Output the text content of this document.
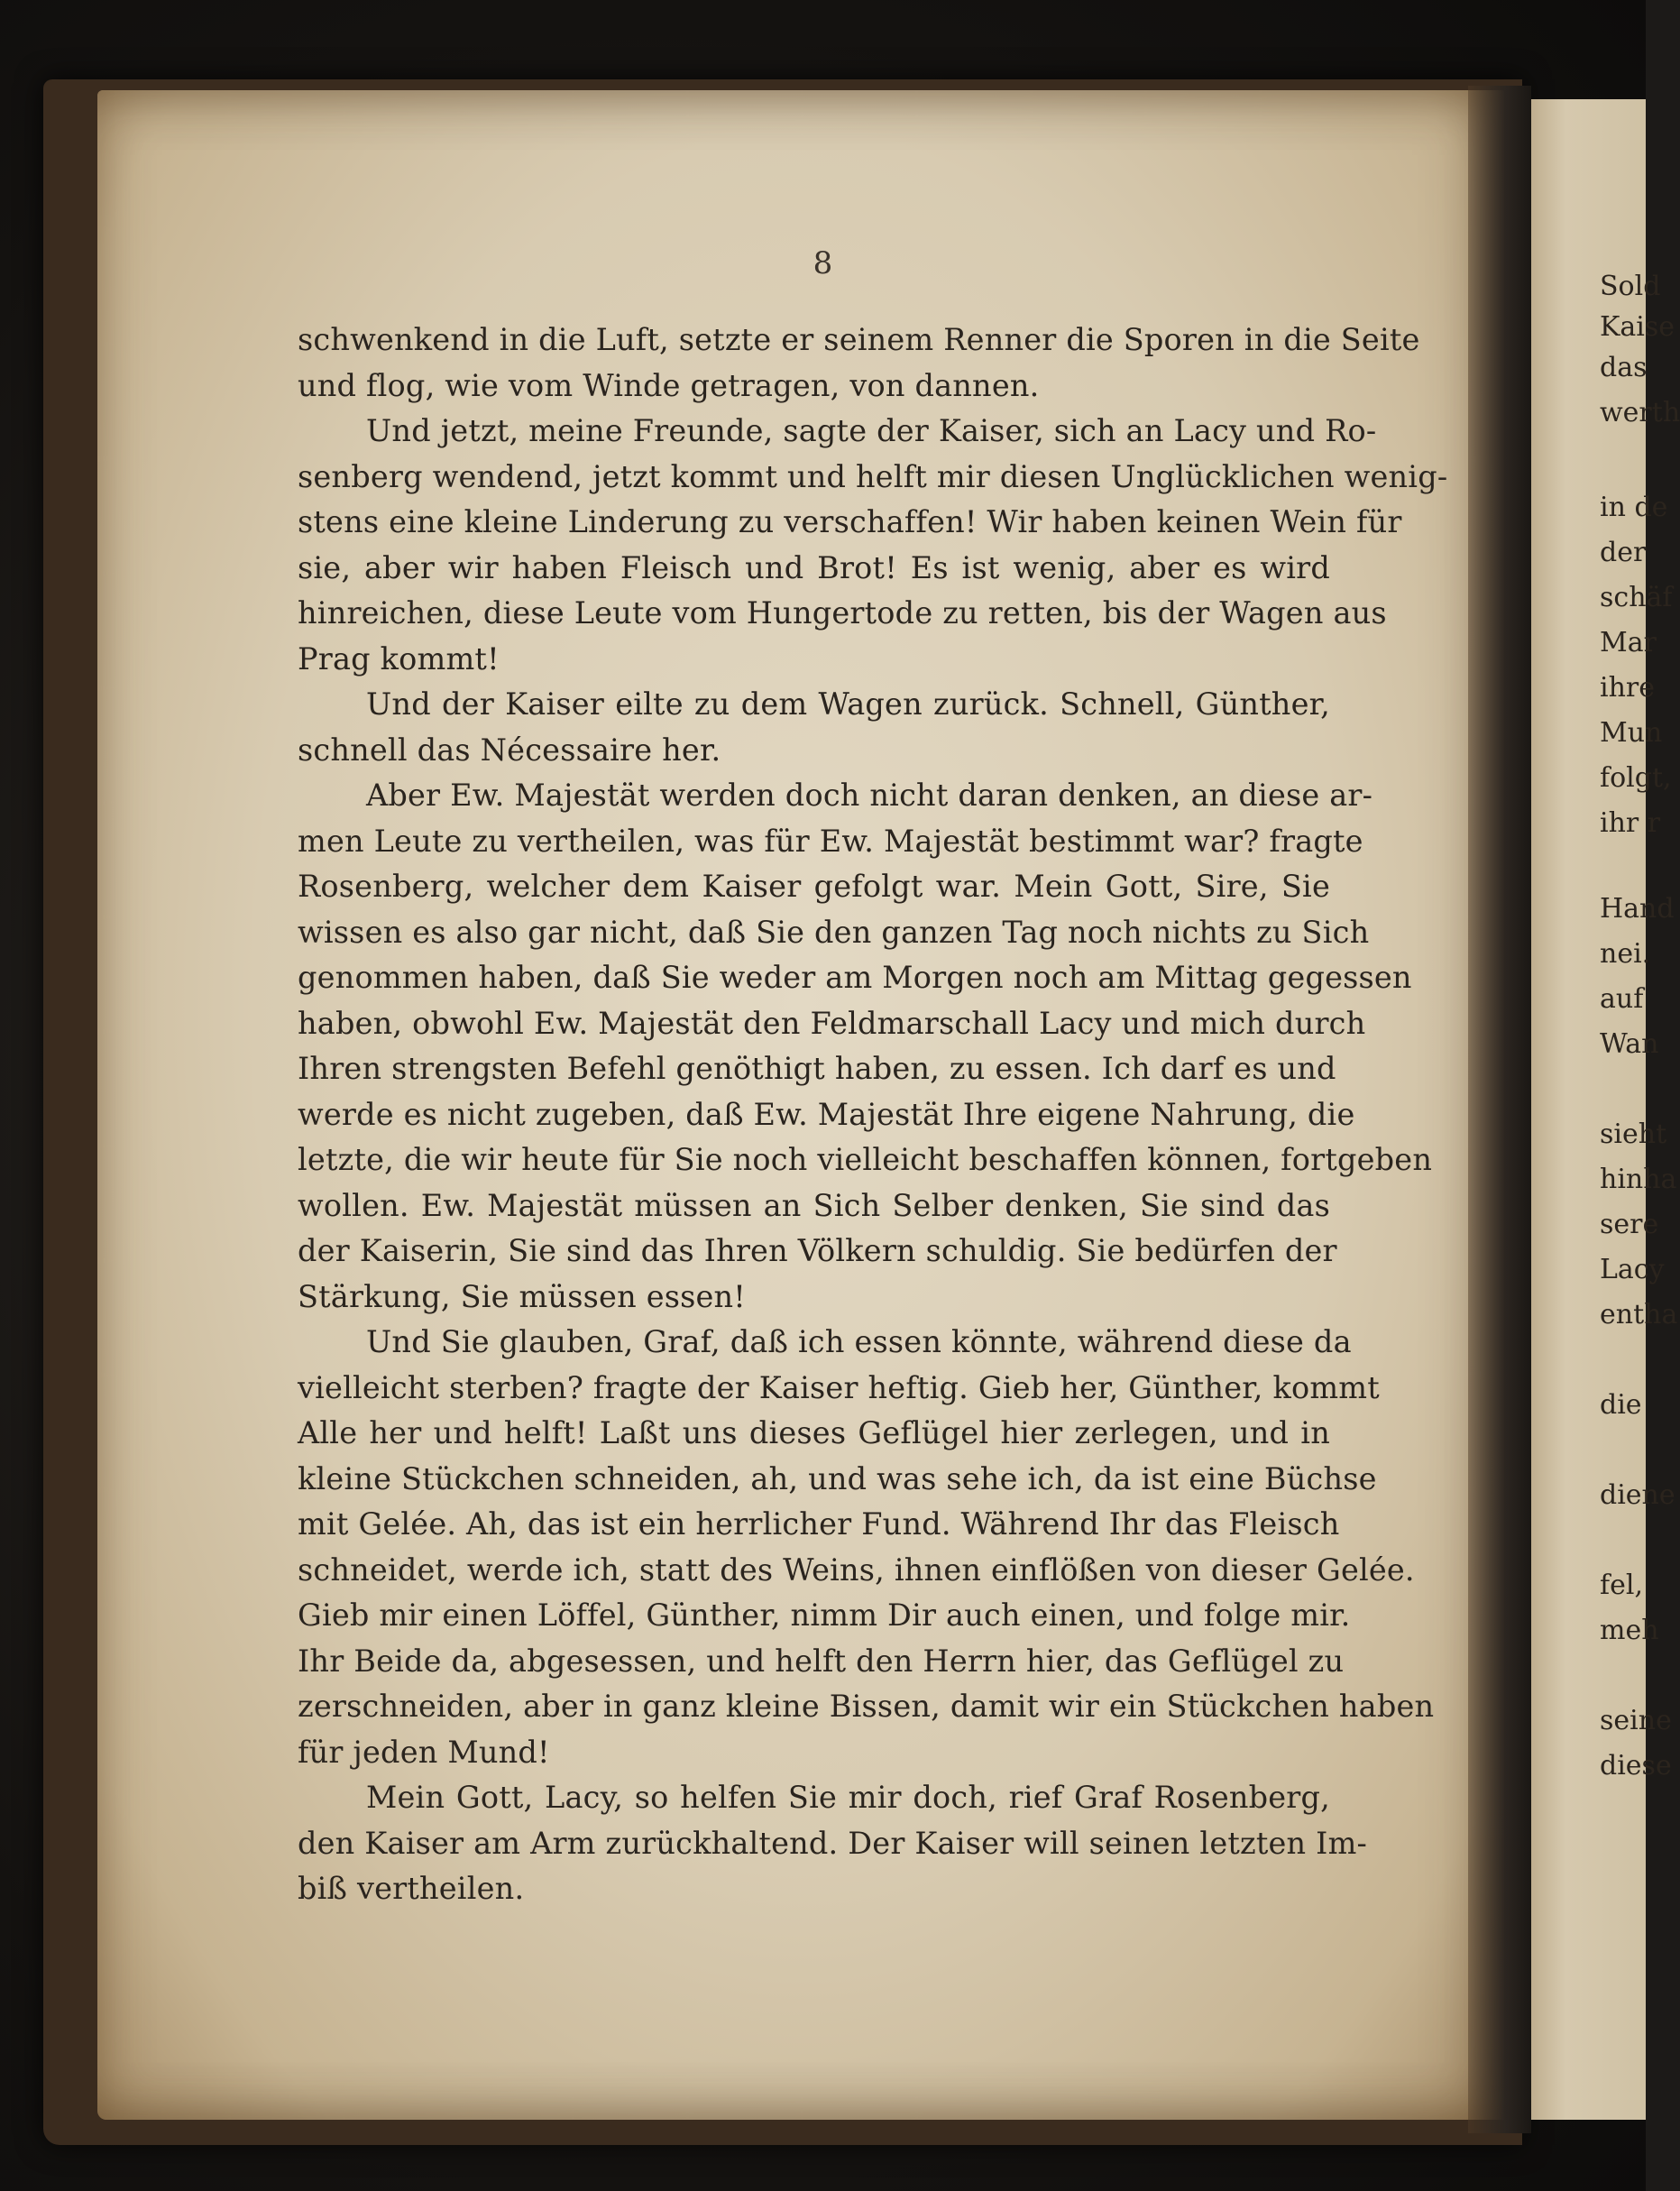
Sold
Kaise
das
werth
in de
der
schäf
Mar
ihre
Mun
folgt,
ihr r
Hand
nei.
auf
Wan
sieht
hinha
sere
Lacy
entha
die
diene
fel,
meh
seine
diese
8
schwenkend in die Luft, setzte er seinem Renner die Sporen in die Seite
und flog, wie vom Winde getragen, von dannen.
Und jetzt, meine Freunde, sagte der Kaiser, sich an Lacy und Ro-
senberg wendend, jetzt kommt und helft mir diesen Unglücklichen wenig-
stens eine kleine Linderung zu verschaffen! Wir haben keinen Wein für
sie, aber wir haben Fleisch und Brot! Es ist wenig, aber es wird
hinreichen, diese Leute vom Hungertode zu retten, bis der Wagen aus
Prag kommt!
Und der Kaiser eilte zu dem Wagen zurück. Schnell, Günther,
schnell das Nécessaire her.
Aber Ew. Majestät werden doch nicht daran denken, an diese ar-
men Leute zu vertheilen, was für Ew. Majestät bestimmt war? fragte
Rosenberg, welcher dem Kaiser gefolgt war. Mein Gott, Sire, Sie
wissen es also gar nicht, daß Sie den ganzen Tag noch nichts zu Sich
genommen haben, daß Sie weder am Morgen noch am Mittag gegessen
haben, obwohl Ew. Majestät den Feldmarschall Lacy und mich durch
Ihren strengsten Befehl genöthigt haben, zu essen. Ich darf es und
werde es nicht zugeben, daß Ew. Majestät Ihre eigene Nahrung, die
letzte, die wir heute für Sie noch vielleicht beschaffen können, fortgeben
wollen. Ew. Majestät müssen an Sich Selber denken, Sie sind das
der Kaiserin, Sie sind das Ihren Völkern schuldig. Sie bedürfen der
Stärkung, Sie müssen essen!
Und Sie glauben, Graf, daß ich essen könnte, während diese da
vielleicht sterben? fragte der Kaiser heftig. Gieb her, Günther, kommt
Alle her und helft! Laßt uns dieses Geflügel hier zerlegen, und in
kleine Stückchen schneiden, ah, und was sehe ich, da ist eine Büchse
mit Gelée. Ah, das ist ein herrlicher Fund. Während Ihr das Fleisch
schneidet, werde ich, statt des Weins, ihnen einflößen von dieser Gelée.
Gieb mir einen Löffel, Günther, nimm Dir auch einen, und folge mir.
Ihr Beide da, abgesessen, und helft den Herrn hier, das Geflügel zu
zerschneiden, aber in ganz kleine Bissen, damit wir ein Stückchen haben
für jeden Mund!
Mein Gott, Lacy, so helfen Sie mir doch, rief Graf Rosenberg,
den Kaiser am Arm zurückhaltend. Der Kaiser will seinen letzten Im-
biß vertheilen.
